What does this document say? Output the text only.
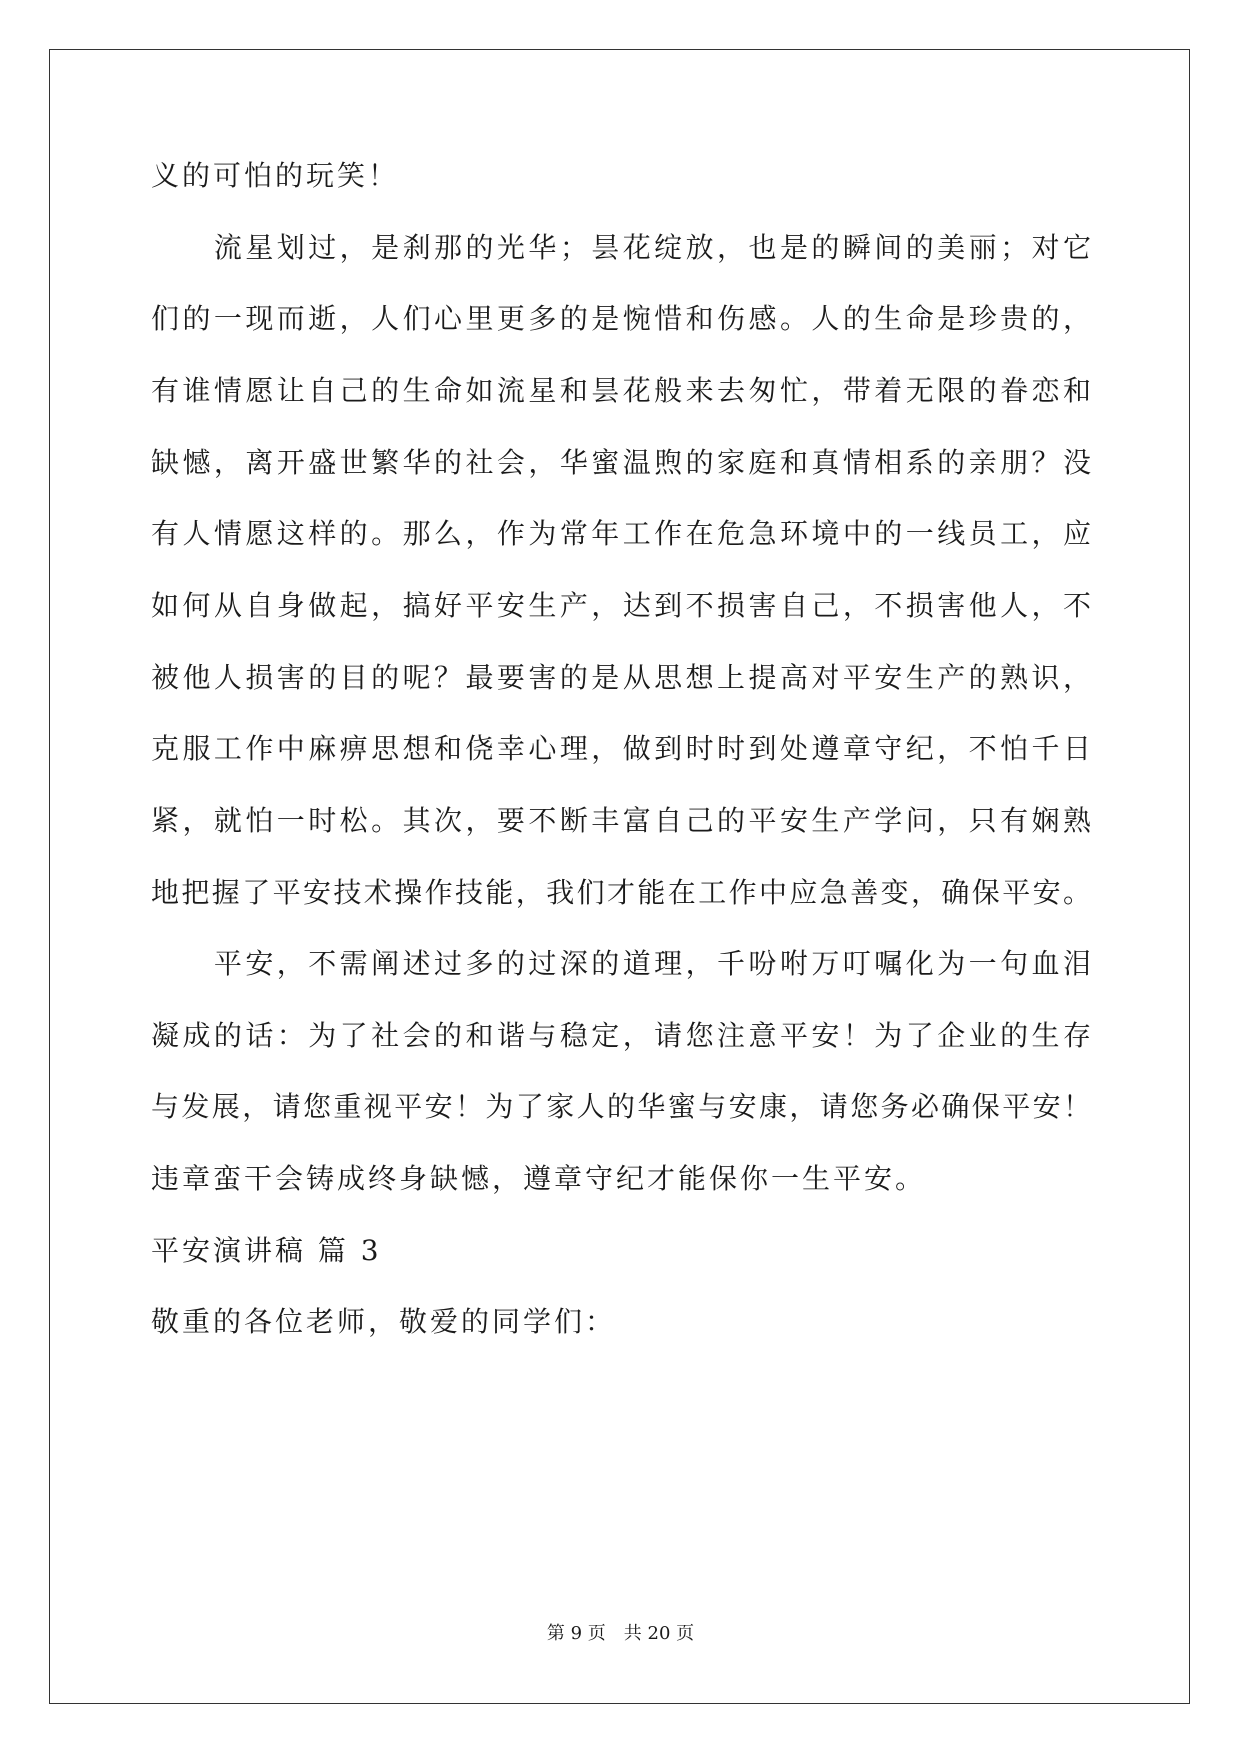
义的可怕的玩笑！
　　流星划过，是刹那的光华；昙花绽放，也是的瞬间的美丽；对它
们的一现而逝，人们心里更多的是惋惜和伤感。人的生命是珍贵的，
有谁情愿让自己的生命如流星和昙花般来去匆忙，带着无限的眷恋和
缺憾，离开盛世繁华的社会，华蜜温煦的家庭和真情相系的亲朋？没
有人情愿这样的。那么，作为常年工作在危急环境中的一线员工，应
如何从自身做起，搞好平安生产，达到不损害自己，不损害他人，不
被他人损害的目的呢？最要害的是从思想上提高对平安生产的熟识，
克服工作中麻痹思想和侥幸心理，做到时时到处遵章守纪，不怕千日
紧，就怕一时松。其次，要不断丰富自己的平安生产学问，只有娴熟
地把握了平安技术操作技能，我们才能在工作中应急善变，确保平安。
　　平安，不需阐述过多的过深的道理，千吩咐万叮嘱化为一句血泪
凝成的话：为了社会的和谐与稳定，请您注意平安！为了企业的生存
与发展，请您重视平安！为了家人的华蜜与安康，请您务必确保平安！
违章蛮干会铸成终身缺憾，遵章守纪才能保你一生平安。
平安演讲稿 篇 3
敬重的各位老师，敬爱的同学们：
第 9 页　共 20 页
